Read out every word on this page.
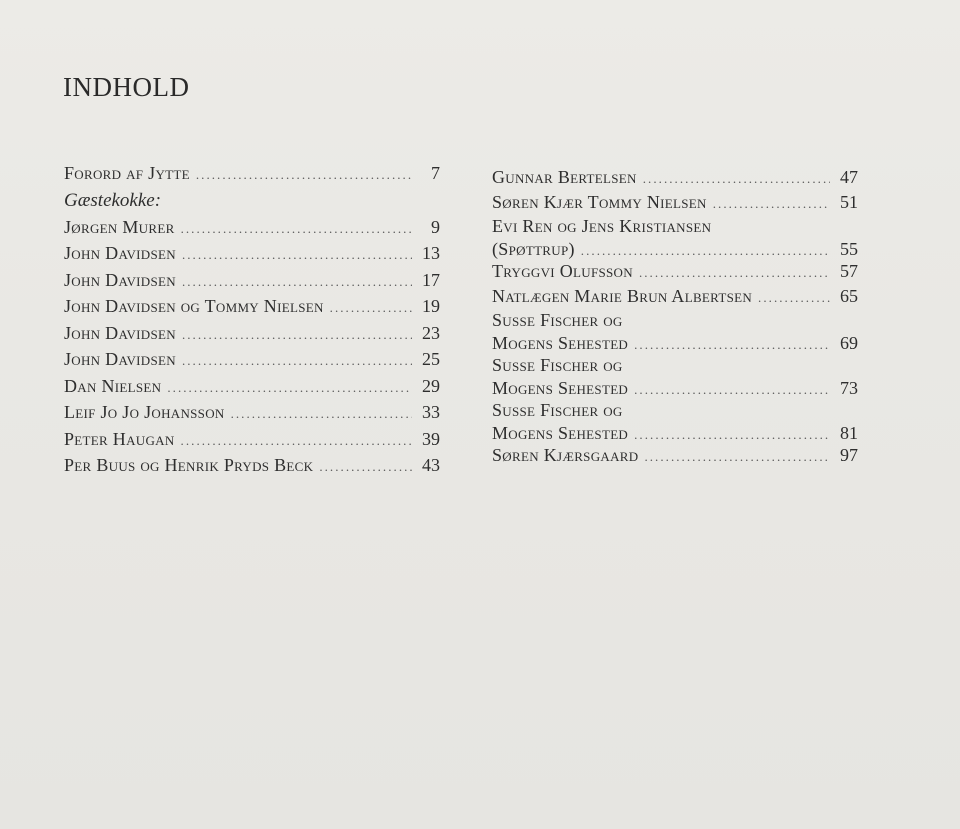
INDHOLD
Forord af Jytte . . .	7
Gæstekokke:
Jørgen Murer . . .	9
John Davidsen . . .	13
John Davidsen . . .	17
John Davidsen og Tommy Nielsen . . .	19
John Davidsen . . .	23
John Davidsen . . .	25
Dan Nielsen . . .	29
Leif Jo Jo Johansson . . .	33
Peter Haugan . . .	39
Per Buus og Henrik Pryds Beck . . .	43
Gunnar Bertelsen . . .	47
Søren Kjær Tommy Nielsen . . .	51
Evi Ren og Jens Kristiansen
(Spøttrup) . . .	55
Tryggvi Olufsson . . .	57
Natlægen Marie Brun Albertsen . . .	65
Susse Fischer og
Mogens Sehested . . .	69
Susse Fischer og
Mogens Sehested . . .	73
Susse Fischer og
Mogens Sehested . . .	81
Søren Kjærsgaard . . .	97
